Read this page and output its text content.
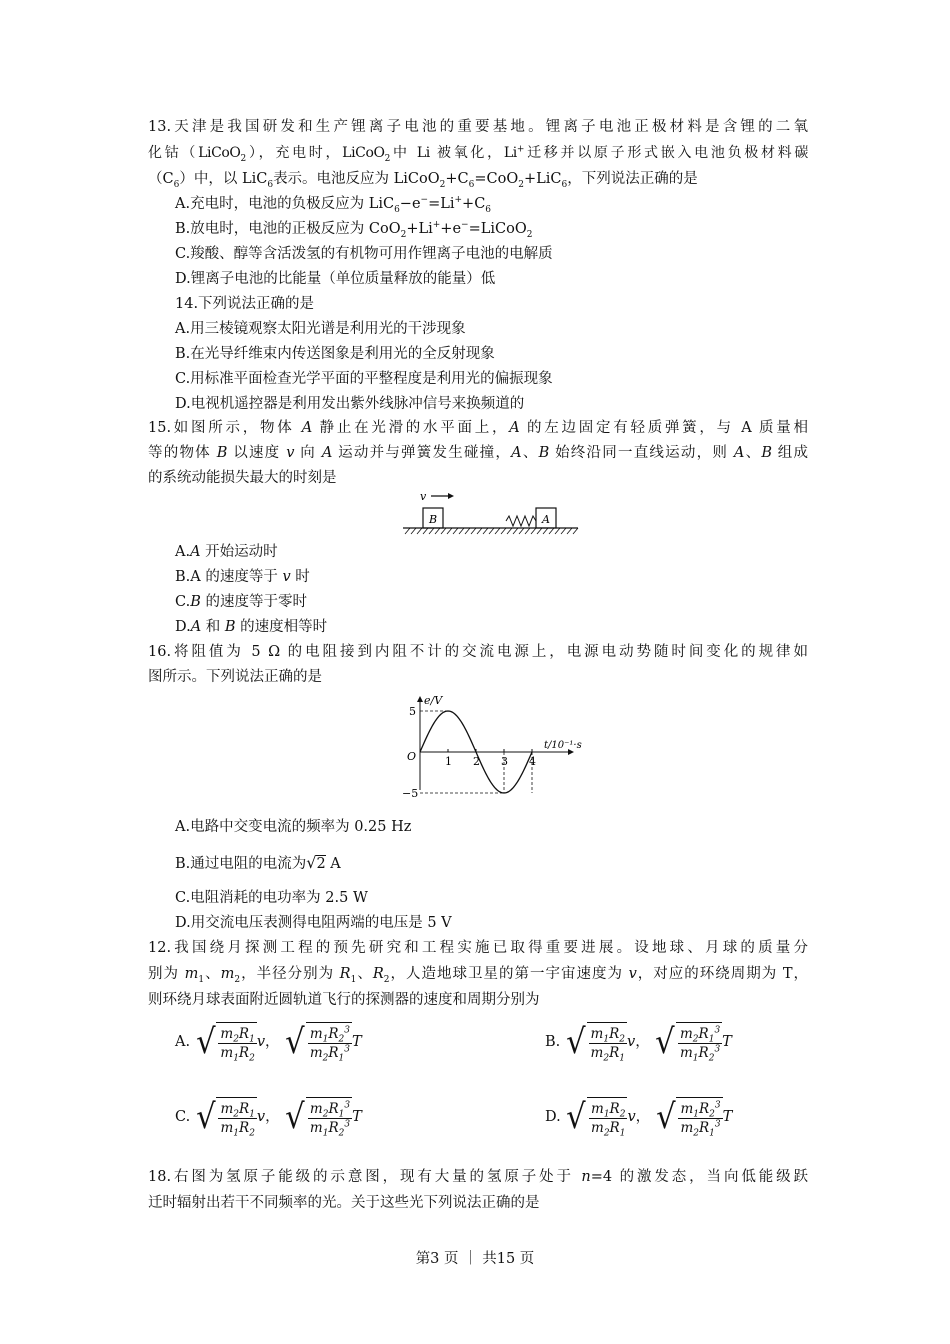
13.天津是我国研发和生产锂离子电池的重要基地。锂离子电池正极材料是含锂的二氧
化钴（LiCoO$_2$），充电时，LiCoO$_2$中 Li 被氧化，Li+迁移并以原子形式嵌入电池负极材料碳
$(C_6)$中，以 LiC$_6$表示。电池反应为 $LiCoO_2+C_6=CoO_2+LiC_6$，下列说法正确的是
A.充电时，电池的负极反应为 $LiC_6-e^-=Li^++C_6$
B.放电时，电池的正极反应为 CoO$_2$+Li++e−=LiCoO$_2$
C.羧酸、醇等含活泼氢的有机物可用作锂离子电池的电解质
D.锂离子电池的比能量（单位质量释放的能量）低
14.下列说法正确的是
A.用三棱镜观察太阳光谱是利用光的干涉现象
B.在光导纤维束内传送图象是利用光的全反射现象
C.用标准平面检查光学平面的平整程度是利用光的偏振现象
D.电视机遥控器是利用发出紫外线脉冲信号来换频道的
15.如图所示，物体 A 静止在光滑的水平面上，A 的左边固定有轻质弹簧，与 A 质量相
等的物体 B 以速度 v 向 A 运动并与弹簧发生碰撞，A、B 始终沿同一直线运动，则 A、B 组成
的系统动能损失最大的时刻是
v
B	A
A.A 开始运动时
B.A 的速度等于 v 时
C.B 的速度等于零时
D.A 和 B 的速度相等时
16.将阻值为 5 Ω 的电阻接到内阻不计的交流电源上，电源电动势随时间变化的规律如
图所示。下列说法正确的是
e/V
t/10⁻¹·s
O	1 2 3 4
5
−5
A.电路中交变电流的频率为 0.25 Hz
B.通过电阻的电流为√2 A
C.电阻消耗的电功率为 2.5 W
D.用交流电压表测得电阻两端的电压是 5 V
12.我国绕月探测工程的预先研究和工程实施已取得重要进展。设地球、月球的质量分
别为 $m_1$、$m_2$，半径分别为 $R_1$、$R_2$，人造地球卫星的第一宇宙速度为 v，对应的环绕周期为 T，
则环绕月球表面附近圆轨道飞行的探测器的速度和周期分别为
A. √ $\frac{m_2R_1}{m_1R_2}$ v， √ $\frac{m_1R_2^3}{m_2R_1^3}$ T	B. √ $\frac{m_1R_2}{m_2R_1}$ v， √ $\frac{m_2R_1^3}{m_1R_2^3}$ T
C. √ $\frac{m_2R_1}{m_1R_2}$ v， √ $\frac{m_2R_1^3}{m_1R_2^3}$ T	D. √ $\frac{m_1R_2}{m_2R_1}$ v， √ $\frac{m_1R_2^3}{m_2R_1^3}$ T
18.右图为氢原子能级的示意图，现有大量的氢原子处于 n=4 的激发态，当向低能级跃
迁时辐射出若干不同频率的光。关于这些光下列说法正确的是
第3 页 ｜ 共15 页
